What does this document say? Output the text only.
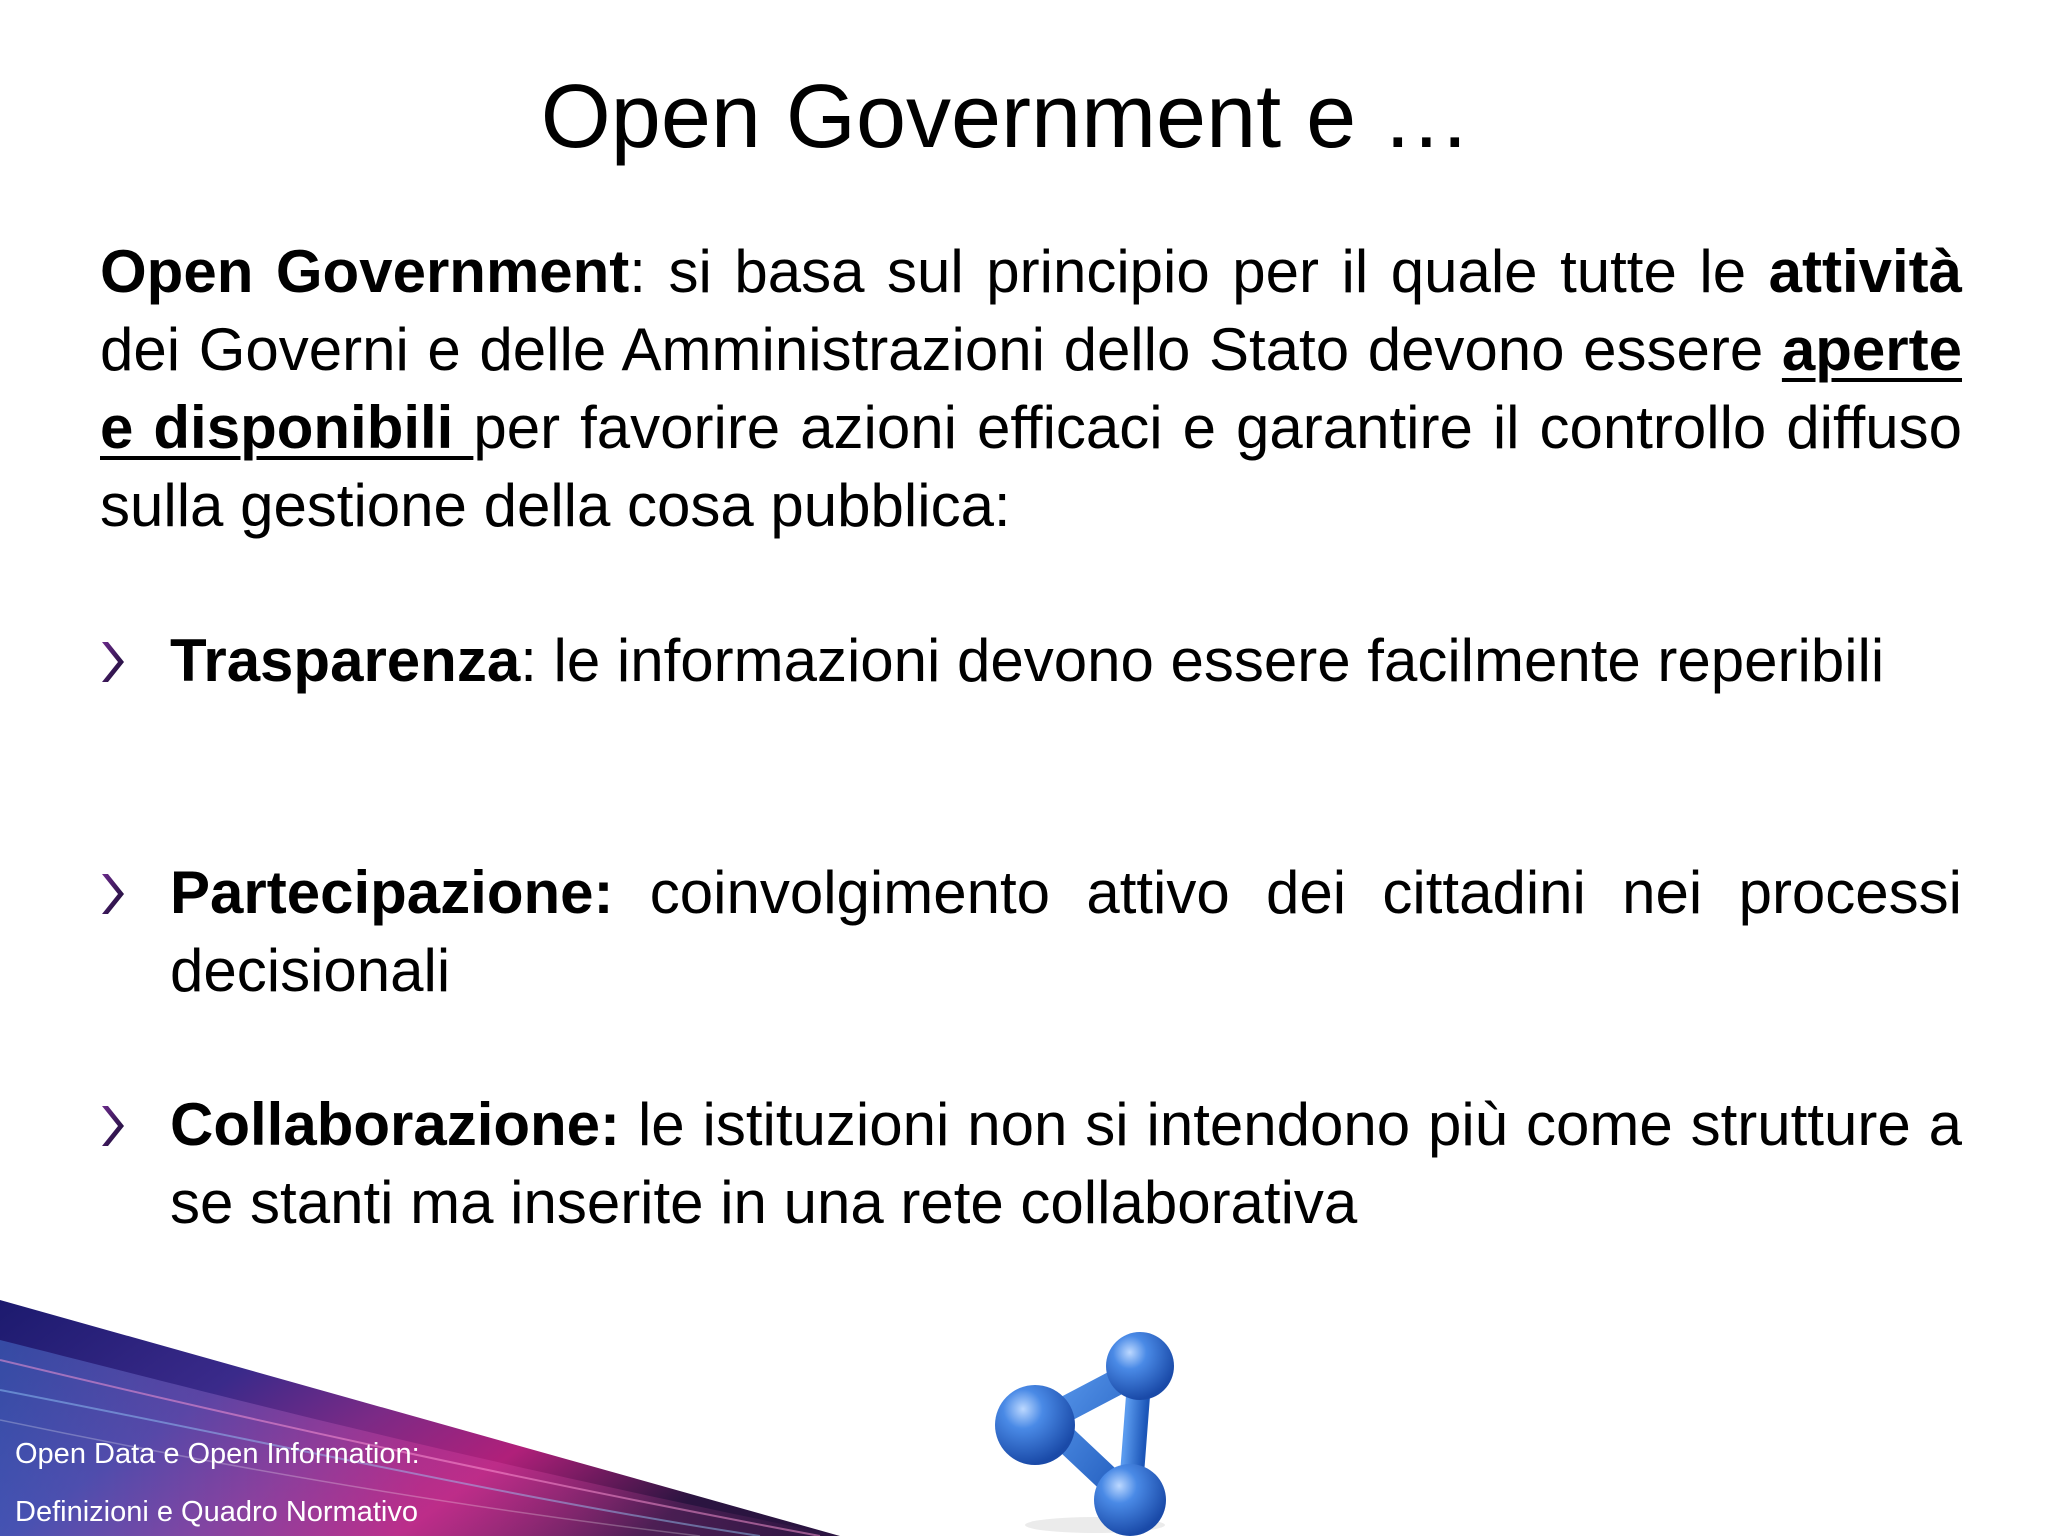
Open Government e …
Open Government: si basa sul principio per il quale tutte le attività dei Governi e delle Amministrazioni dello Stato devono essere aperte e disponibili per favorire azioni efficaci e garantire il controllo diffuso sulla gestione della cosa pubblica:
Trasparenza: le informazioni devono essere facilmente reperibili
Partecipazione: coinvolgimento attivo dei cittadini nei processi decisionali
Collaborazione: le istituzioni non si intendono più come strutture a se stanti ma inserite in una rete collaborativa
Open Data e Open Information:
Definizioni e Quadro Normativo
